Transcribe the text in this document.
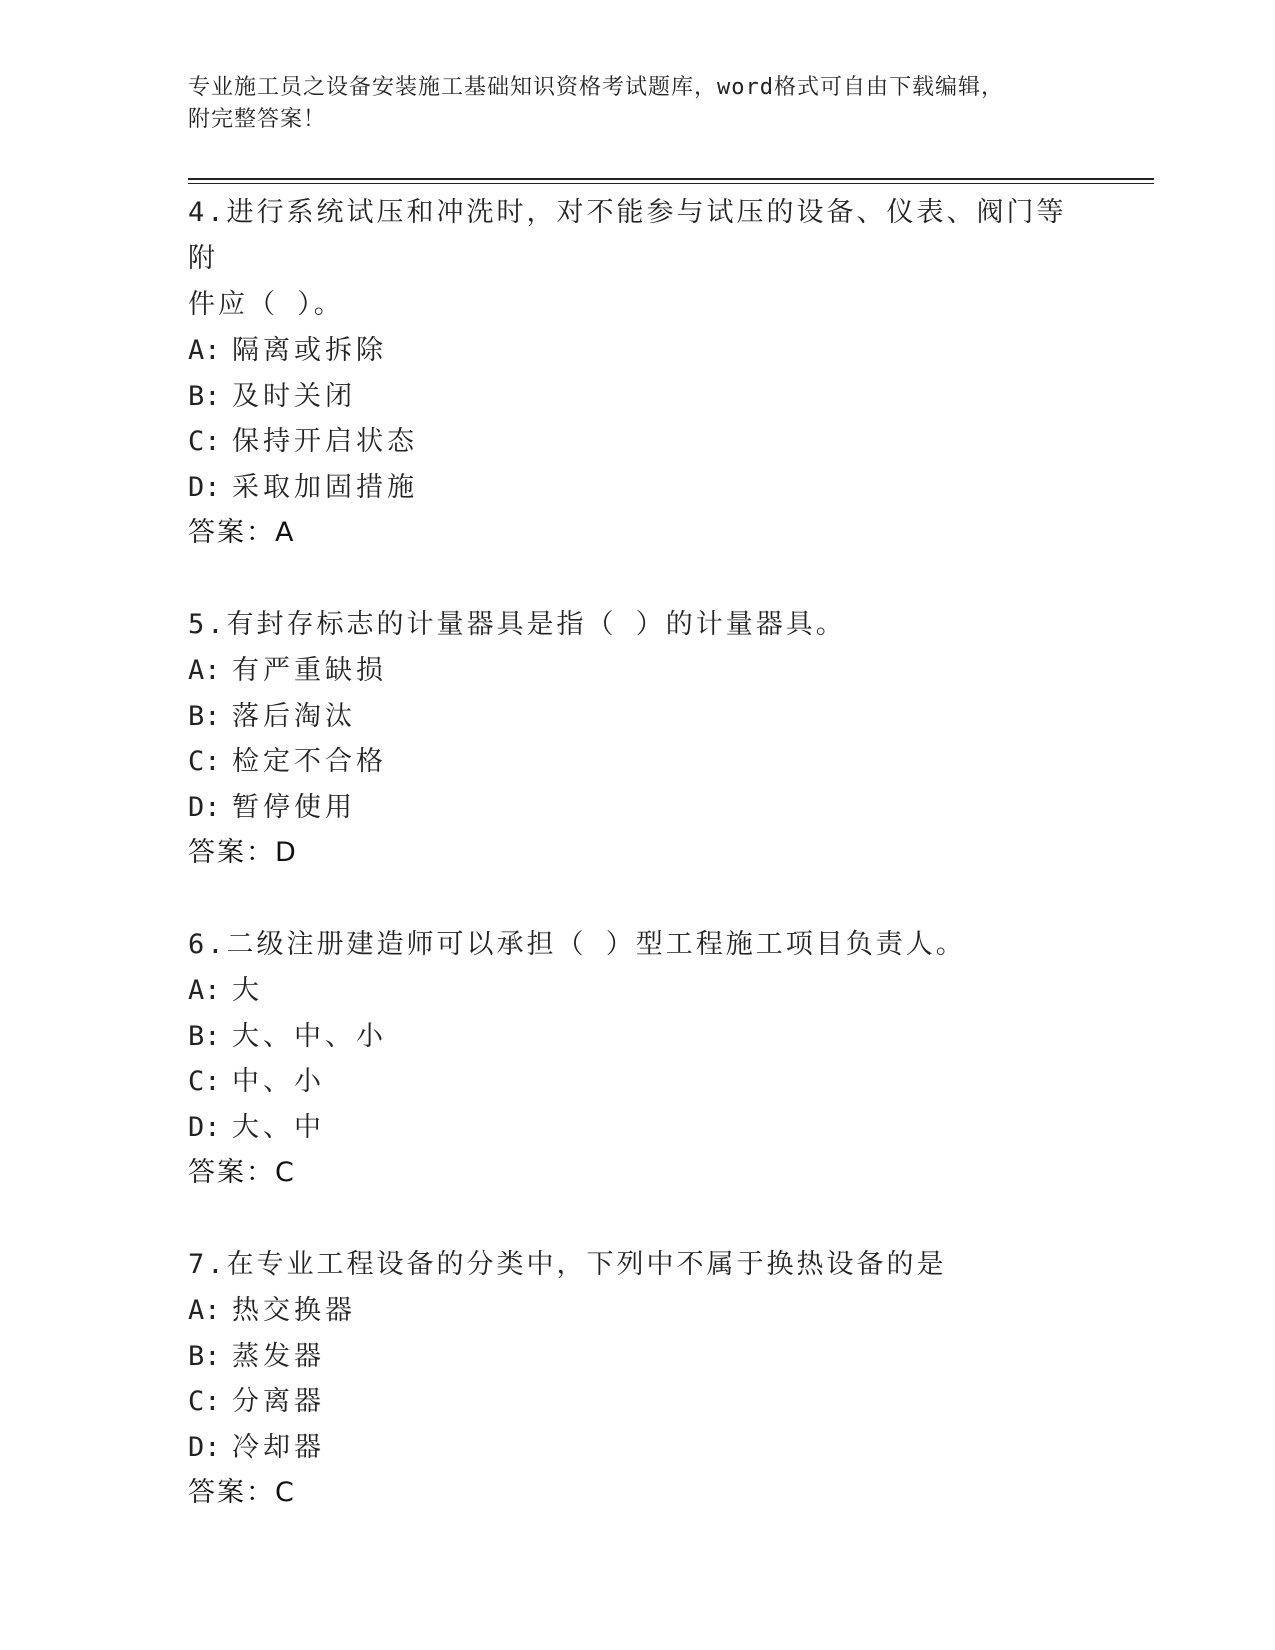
专业施工员之设备安装施工基础知识资格考试题库，word格式可自由下载编辑，
附完整答案！

4.进行系统试压和冲洗时，对不能参与试压的设备、仪表、阀门等附

件应（ ）。

A: 隔离或拆除

B: 及时关闭

C: 保持开启状态

D: 采取加固措施

答案：A

5.有封存标志的计量器具是指（ ）的计量器具。

A: 有严重缺损

B: 落后淘汰

C: 检定不合格

D: 暂停使用

答案：D

6.二级注册建造师可以承担（ ）型工程施工项目负责人。

A: 大

B: 大、中、小

C: 中、小

D: 大、中

答案：C

7.在专业工程设备的分类中，下列中不属于换热设备的是

A: 热交换器

B: 蒸发器

C: 分离器

D: 冷却器

答案：C
